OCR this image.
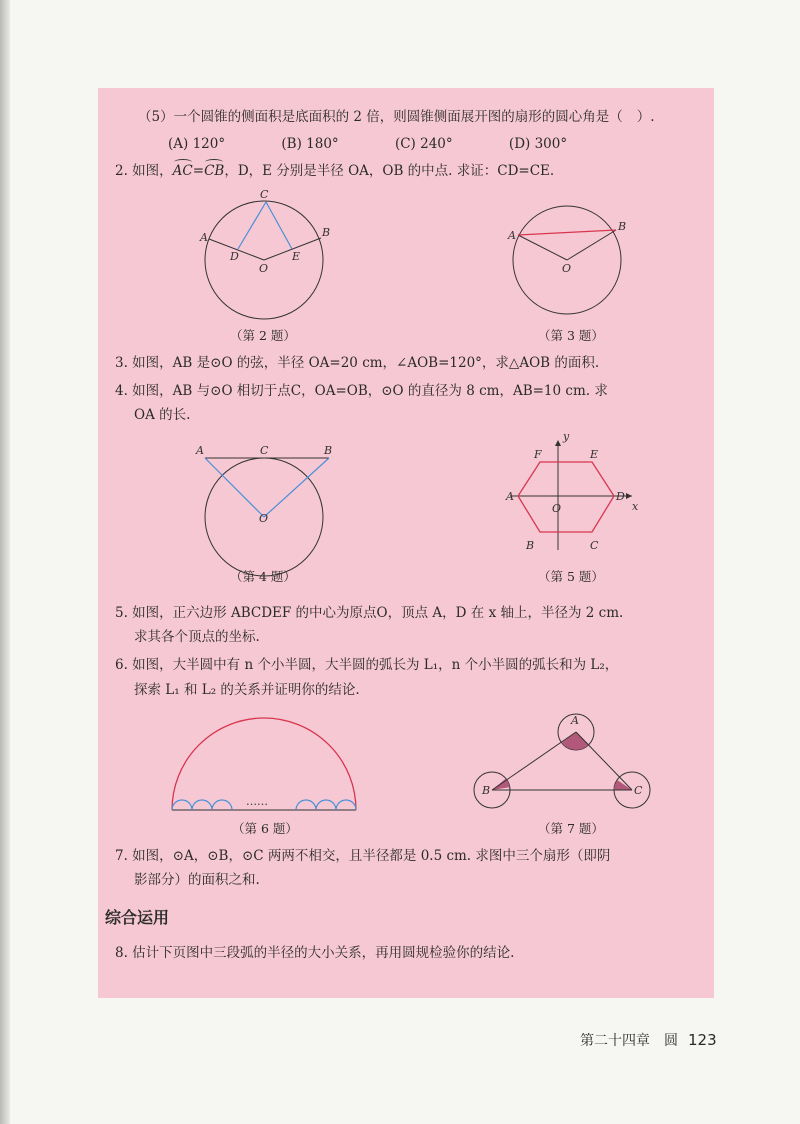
（5）一个圆锥的侧面积是底面积的 2 倍，则圆锥侧面展开图的扇形的圆心角是（ ）.
(A) 120°	(B) 180°	(C) 240°	(D) 300°
2. 如图，AC
=CB
，D，E 分别是半径 OA，OB 的中点. 求证：CD=CE.
C
A	B
D	E
O
（第 2 题）
A
B
O
（第 3 题）
3. 如图，AB 是⊙O 的弦，半径 OA=20 cm，∠AOB=120°，求△AOB 的面积.
4. 如图，AB 与⊙O 相切于点C，OA=OB，⊙O 的直径为 8 cm，AB=10 cm. 求
OA 的长.
A	C	B
O
（第 4 题）
y
x
F	E
A	D
O
B	C
（第 5 题）
5. 如图，正六边形 ABCDEF 的中心为原点O，顶点 A，D 在 x 轴上，半径为 2 cm.
求其各个顶点的坐标.
6. 如图，大半圆中有 n 个小半圆，大半圆的弧长为 L₁，n 个小半圆的弧长和为 L₂，
探索 L₁ 和 L₂ 的关系并证明你的结论.
……
（第 6 题）
A
B	C
（第 7 题）
7. 如图，⊙A，⊙B，⊙C 两两不相交，且半径都是 0.5 cm. 求图中三个扇形（即阴
影部分）的面积之和.
综合运用
8. 估计下页图中三段弧的半径的大小关系，再用圆规检验你的结论.
第二十四章　圆 123
